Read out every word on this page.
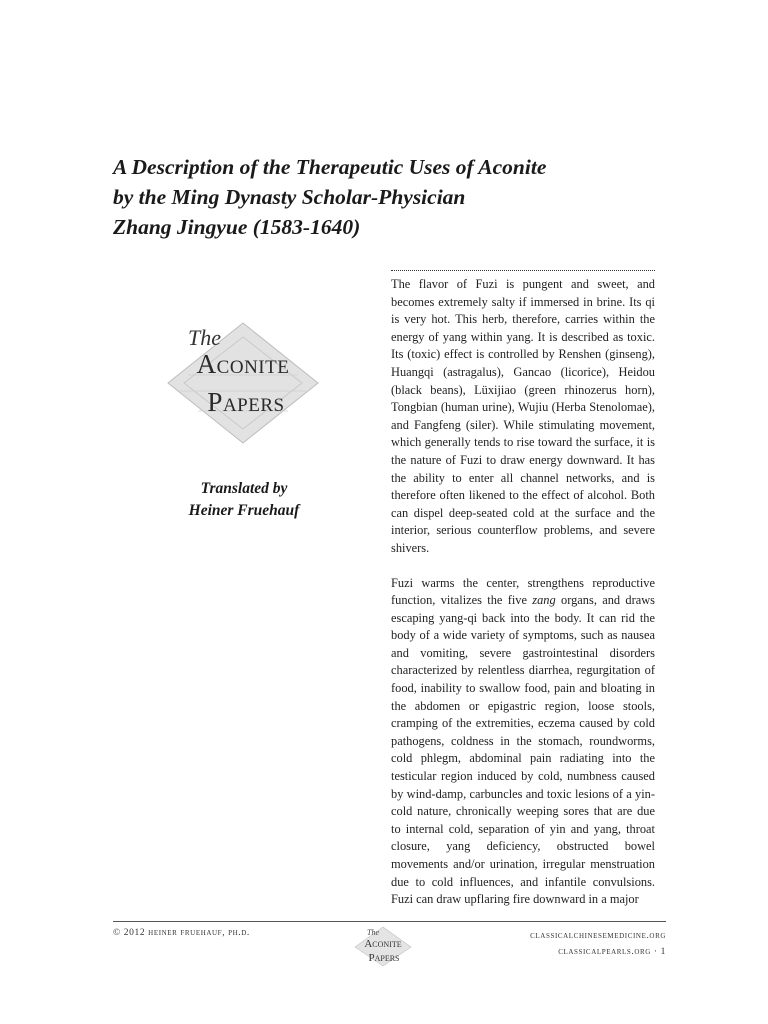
A Description of the Therapeutic Uses of Aconite
by the Ming Dynasty Scholar-Physician
Zhang Jingyue (1583-1640)
The
Aconite
Papers
Translated by
Heiner Fruehauf

The flavor of Fuzi is pungent and sweet, and becomes extremely salty if immersed in brine. Its qi is very hot. This herb, therefore, carries within the energy of yang within yang. It is described as toxic. Its (toxic) effect is controlled by Renshen (ginseng), Huangqi (astragalus), Gancao (licorice), Heidou (black beans), Lüxijiao (green rhinozerus horn), Tongbian (human urine), Wujiu (Herba Stenolomae), and Fangfeng (siler). While stimulating movement, which generally tends to rise toward the surface, it is the nature of Fuzi to draw energy downward. It has the ability to enter all channel networks, and is therefore often likened to the effect of alcohol. Both can dispel deep-seated cold at the surface and the interior, serious counterflow problems, and severe shivers.

Fuzi warms the center, strengthens reproductive function, vitalizes the five zang organs, and draws escaping yang-qi back into the body. It can rid the body of a wide variety of symptoms, such as nausea and vomiting, severe gastrointestinal disorders characterized by relentless diarrhea, regurgitation of food, inability to swallow food, pain and bloating in the abdomen or epigastric region, loose stools, cramping of the extremities, eczema caused by cold pathogens, coldness in the stomach, roundworms, cold phlegm, abdominal pain radiating into the testicular region induced by cold, numbness caused by wind-damp, carbuncles and toxic lesions of a yin-cold nature, chronically weeping sores that are due to internal cold, separation of yin and yang, throat closure, yang deficiency, obstructed bowel movements and/or urination, irregular menstruation due to cold influences, and infantile convulsions. Fuzi can draw upflaring fire downward in a major

© 2012 heiner fruehauf, ph.d.	The
Aconite
Papers
classicalchinesemedicine.org
classicalpearls.org · 1
